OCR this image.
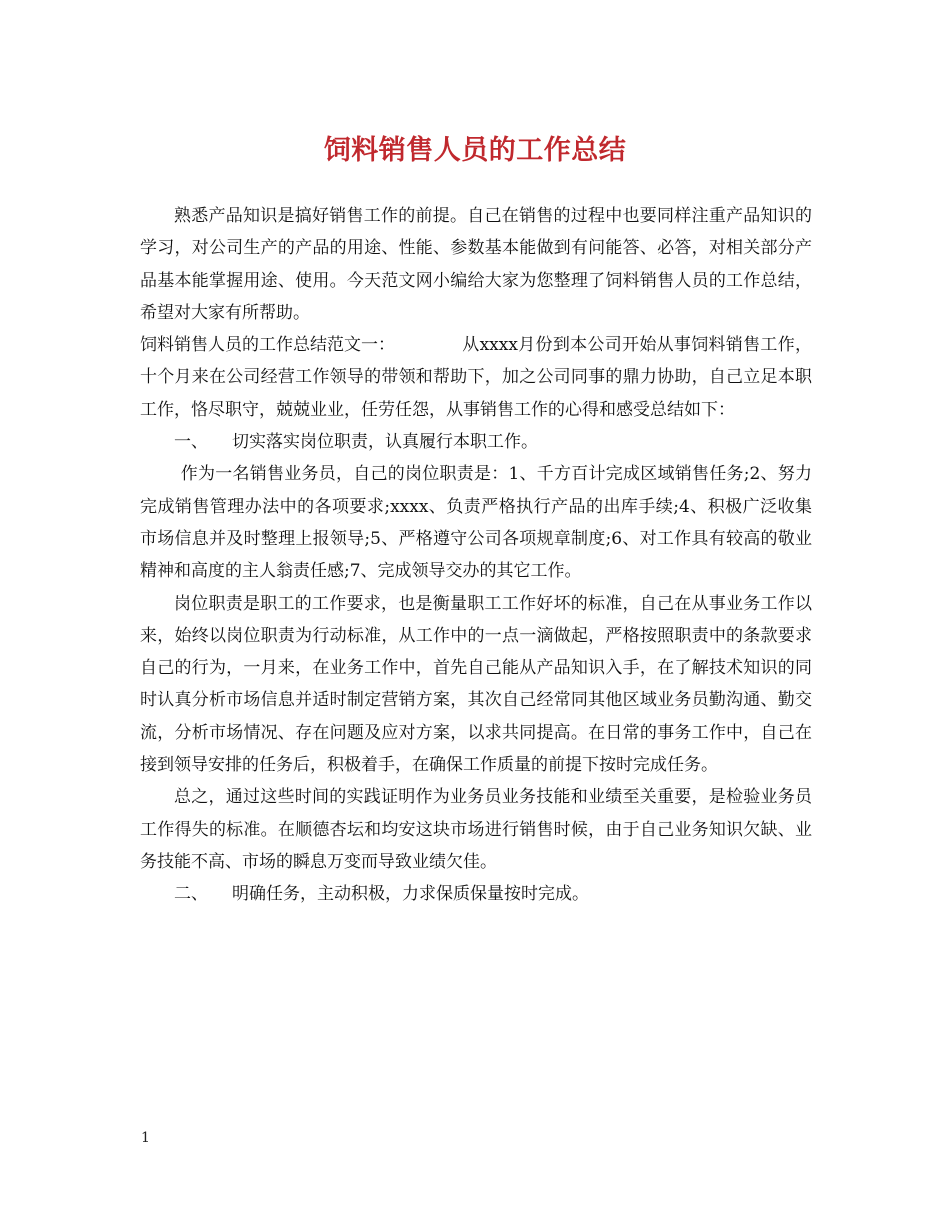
饲料销售人员的工作总结

熟悉产品知识是搞好销售工作的前提。自己在销售的过程中也要同样注重产品知识的学习，对公司生产的产品的用途、性能、参数基本能做到有问能答、必答，对相关部分产品基本能掌握用途、使用。今天范文网小编给大家为您整理了饲料销售人员的工作总结，希望对大家有所帮助。

饲料销售人员的工作总结范文一：	从xxxx月份到本公司开始从事饲料销售工作，十个月来在公司经营工作领导的带领和帮助下，加之公司同事的鼎力协助，自己立足本职工作，恪尽职守，兢兢业业，任劳任怨，从事销售工作的心得和感受总结如下：

一、 切实落实岗位职责，认真履行本职工作。

作为一名销售业务员，自己的岗位职责是：1、千方百计完成区域销售任务;2、努力完成销售管理办法中的各项要求;xxxx、负责严格执行产品的出库手续;4、积极广泛收集市场信息并及时整理上报领导;5、严格遵守公司各项规章制度;6、对工作具有较高的敬业精神和高度的主人翁责任感;7、完成领导交办的其它工作。

岗位职责是职工的工作要求，也是衡量职工工作好坏的标准，自己在从事业务工作以来，始终以岗位职责为行动标准，从工作中的一点一滴做起，严格按照职责中的条款要求自己的行为，一月来，在业务工作中，首先自己能从产品知识入手，在了解技术知识的同时认真分析市场信息并适时制定营销方案，其次自己经常同其他区域业务员勤沟通、勤交流，分析市场情况、存在问题及应对方案，以求共同提高。在日常的事务工作中，自己在接到领导安排的任务后，积极着手，在确保工作质量的前提下按时完成任务。

总之，通过这些时间的实践证明作为业务员业务技能和业绩至关重要，是检验业务员工作得失的标准。在顺德杏坛和均安这块市场进行销售时候，由于自己业务知识欠缺、业务技能不高、市场的瞬息万变而导致业绩欠佳。

二、 明确任务，主动积极，力求保质保量按时完成。

1
